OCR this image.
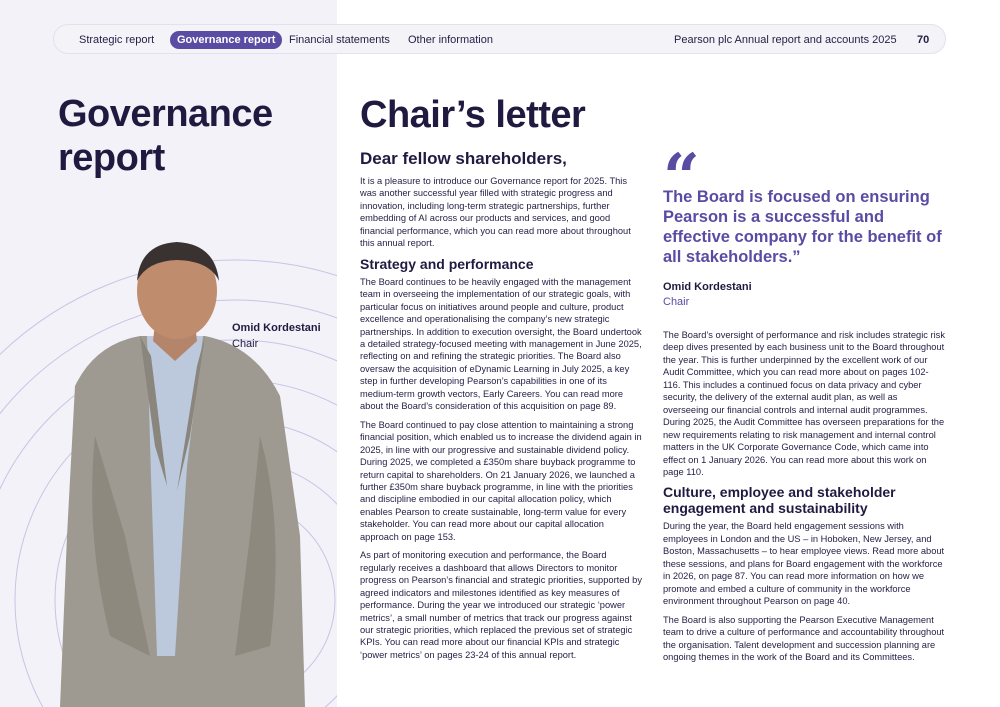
Strategic report	Governance report	Financial statements Other information	Pearson plc Annual report and accounts 2025 70
Governance report
Omid Kordestani
Chair
Chair’s letter
Dear fellow shareholders,

It is a pleasure to introduce our Governance report for 2025. This was another successful year filled with strategic progress and innovation, including long-term strategic partnerships, further embedding of AI across our products and services, and good financial performance, which you can read more about throughout this annual report.

Strategy and performance

The Board continues to be heavily engaged with the management team in overseeing the implementation of our strategic goals, with particular focus on initiatives around people and culture, product excellence and operationalising the company’s new strategic partnerships. In addition to execution oversight, the Board undertook a detailed strategy-focused meeting with management in June 2025, reflecting on and refining the strategic priorities. The Board also oversaw the acquisition of eDynamic Learning in July 2025, a key step in further developing Pearson’s capabilities in one of its medium-term growth vectors, Early Careers. You can read more about the Board’s consideration of this acquisition on page 89.

The Board continued to pay close attention to maintaining a strong financial position, which enabled us to increase the dividend again in 2025, in line with our progressive and sustainable dividend policy. During 2025, we completed a £350m share buyback programme to return capital to shareholders. On 21 January 2026, we launched a further £350m share buyback programme, in line with the priorities and discipline embodied in our capital allocation policy, which enables Pearson to create sustainable, long-term value for every stakeholder. You can read more about our capital allocation approach on page 153.

As part of monitoring execution and performance, the Board regularly receives a dashboard that allows Directors to monitor progress on Pearson’s financial and strategic priorities, supported by agreed indicators and milestones identified as key measures of performance. During the year we introduced our strategic ‘power metrics’, a small number of metrics that track our progress against our strategic priorities, which replaced the previous set of strategic KPIs. You can read more about our financial KPIs and strategic ‘power metrics’ on pages 23-24 of this annual report.

“
The Board is focused on ensuring Pearson is a successful and effective company for the benefit of all stakeholders.”
Omid Kordestani
Chair

The Board’s oversight of performance and risk includes strategic risk deep dives presented by each business unit to the Board throughout the year. This is further underpinned by the excellent work of our Audit Committee, which you can read more about on pages 102-116. This includes a continued focus on data privacy and cyber security, the delivery of the external audit plan, as well as overseeing our financial controls and internal audit programmes. During 2025, the Audit Committee has overseen preparations for the new requirements relating to risk management and internal control matters in the UK Corporate Governance Code, which came into effect on 1 January 2026. You can read more about this work on page 110.

Culture, employee and stakeholder engagement and sustainability

During the year, the Board held engagement sessions with employees in London and the US – in Hoboken, New Jersey, and Boston, Massachusetts – to hear employee views. Read more about these sessions, and plans for Board engagement with the workforce in 2026, on page 87. You can read more information on how we promote and embed a culture of community in the workforce environment throughout Pearson on page 40.

The Board is also supporting the Pearson Executive Management team to drive a culture of performance and accountability throughout the organisation. Talent development and succession planning are ongoing themes in the work of the Board and its Committees.
